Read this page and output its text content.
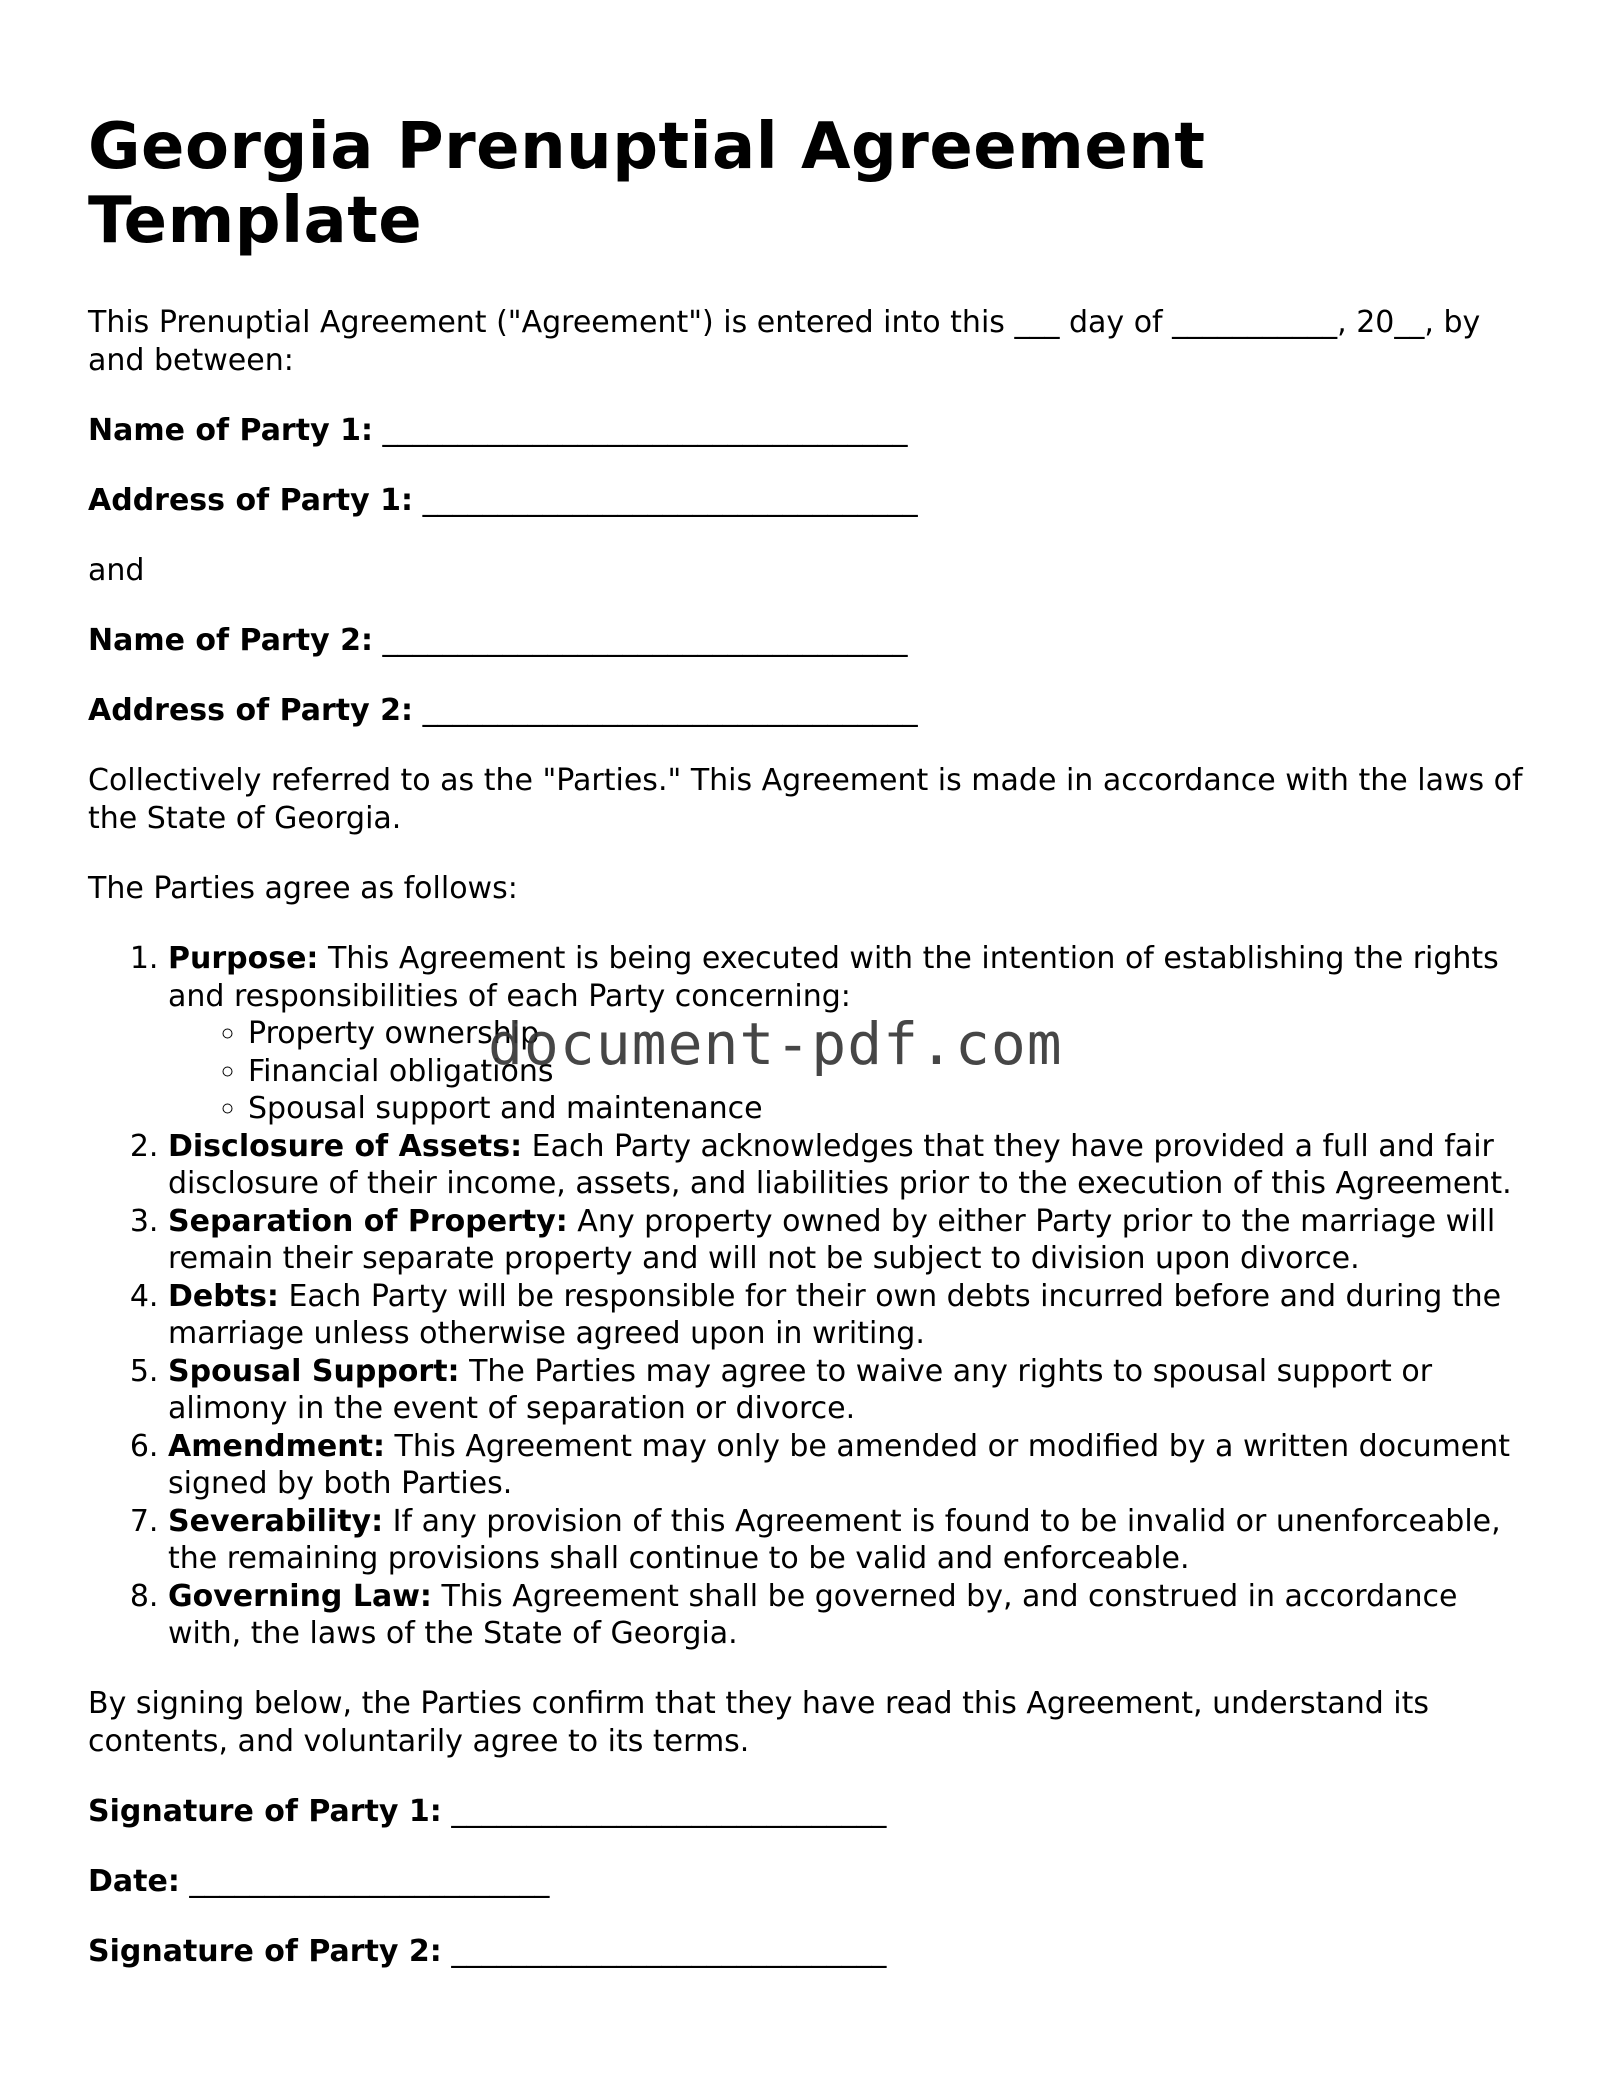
Georgia Prenuptial Agreement Template

This Prenuptial Agreement ("Agreement") is entered into this ___ day of ___________, 20__, by and between:

Name of Party 1: ___________________________________

Address of Party 1: _________________________________

and

Name of Party 2: ___________________________________

Address of Party 2: _________________________________

Collectively referred to as the "Parties." This Agreement is made in accordance with the laws of the State of Georgia.

The Parties agree as follows:

1. Purpose: This Agreement is being executed with the intention of establishing the rights and responsibilities of each Party concerning:
◦ Property ownership
◦ Financial obligations
◦ Spousal support and maintenance
2. Disclosure of Assets: Each Party acknowledges that they have provided a full and fair disclosure of their income, assets, and liabilities prior to the execution of this Agreement.
3. Separation of Property: Any property owned by either Party prior to the marriage will remain their separate property and will not be subject to division upon divorce.
4. Debts: Each Party will be responsible for their own debts incurred before and during the marriage unless otherwise agreed upon in writing.
5. Spousal Support: The Parties may agree to waive any rights to spousal support or alimony in the event of separation or divorce.
6. Amendment: This Agreement may only be amended or modified by a written document signed by both Parties.
7. Severability: If any provision of this Agreement is found to be invalid or unenforceable, the remaining provisions shall continue to be valid and enforceable.
8. Governing Law: This Agreement shall be governed by, and construed in accordance with, the laws of the State of Georgia.

By signing below, the Parties confirm that they have read this Agreement, understand its contents, and voluntarily agree to its terms.

Signature of Party 1: _____________________________

Date: ________________________

Signature of Party 2: _____________________________

document-pdf.com
